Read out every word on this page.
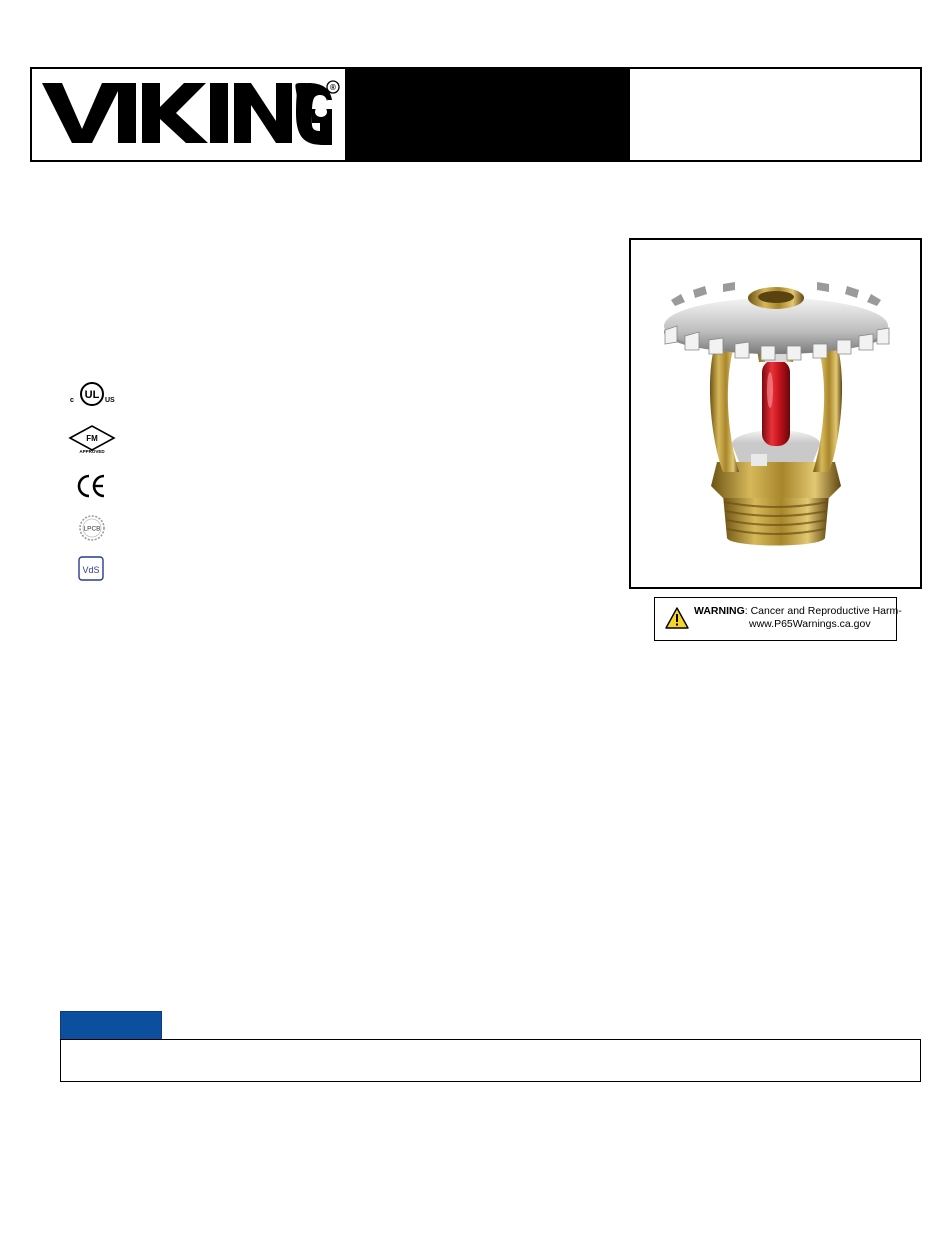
®
c UL US
FM
APPROVED
LPCB
VdS
WARNING: Cancer and Reproductive Harm-
www.P65Warnings.ca.gov
